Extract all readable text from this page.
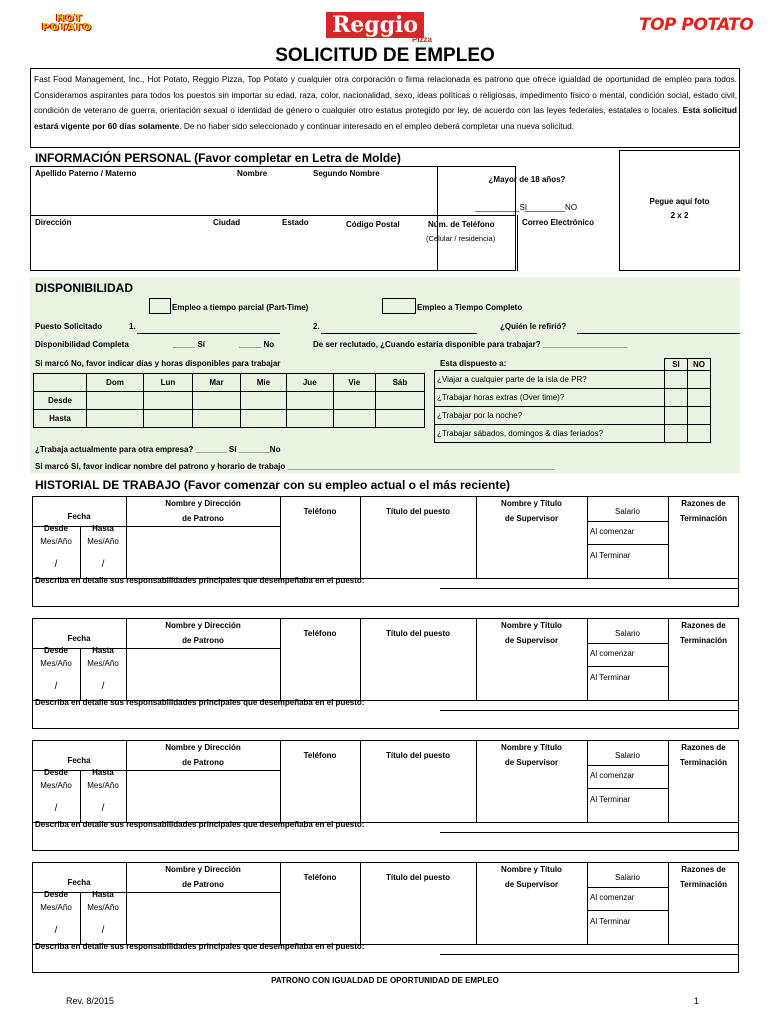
HOT
POTATO	Reggio
Pizza
TOP POTATO
SOLICITUD DE EMPLEO
Fast Food Management, Inc., Hot Potato, Reggio Pizza, Top Potato y cualquier otra corporación o firma relacionada es patrono que ofrece igualdad de oportunidad de empleo para todos. Consideramos aspirantes para todos los puestos sin importar su edad, raza, color, nacionalidad, sexo, ideas políticas o religiosas, impedimento físico o mental, condición social, estado civil, condición de veterano de guerra, orientación sexual o identidad de género o cualquier otro estatus protegido por ley, de acuerdo con las leyes federales, estatales o locales. Esta solicitud estará vigente por 60 días solamente. De no haber sido seleccionado y continuar interesado en el empleo deberá completar una nueva solicitud.
INFORMACIÓN PERSONAL (Favor completar en Letra de Molde)
Pegue aquí foto
2 x 2
Apellido Paterno / Materno	Nombre	Segundo Nombre
¿Mayor de 18 años?
__________SI
_________NO
Dirección	Ciudad	Estado	Código Postal	Núm. de Teléfono
(Celular / residencia)
Correo Electrónico
DISPONIBILIDAD
Empleo a tiempo parcial (Part-Time)	Empleo a Tiempo Completo
Puesto Solicitado	1.	2.	¿Quién le refirió?
Disponibilidad Completa	_____ Sí	_____ No	De ser reclutado, ¿Cuando estaría disponible para trabajar? ___________________
Si marcó No, favor indicar días y horas disponibles para trabajar
	Dom	Lun	Mar	Mie	Jue	Vie	Sáb
Desde							
Hasta							
Esta dispuesto a:
		SI	NO
¿Viajar a cualquier parte de la isla de PR?		
¿Trabajar horas extras (Over time)?		
¿Trabajar por la noche?		
¿Trabajar sábados, domingos & días feriados?		
¿Trabaja actualmente para otra empresa? _______ Sí _______No
Si marcó Sí, favor indicar nombre del patrono y horario de trabajo ____________________________________________________________
HISTORIAL DE TRABAJO (Favor comenzar con su empleo actual o el más reciente)
Fecha
Desde	Hasta
Mes/Año	Mes/Año
/	/
Nombre y Dirección
de Patrono
Teléfono	Título del puesto
Nombre y Título
de Supervisor
Salario
Al comenzar
Al Terminar
Razones de
Terminación
Describa en detalle sus responsabilidades principales que desempeñaba en el puesto:
Fecha
Desde	Hasta
Mes/Año	Mes/Año
/	/
Nombre y Dirección
de Patrono
Teléfono	Título del puesto
Nombre y Título
de Supervisor
Salario
Al comenzar
Al Terminar
Razones de
Terminación
Describa en detalle sus responsabilidades principales que desempeñaba en el puesto:
Fecha
Desde	Hasta
Mes/Año	Mes/Año
/	/
Nombre y Dirección
de Patrono
Teléfono	Título del puesto
Nombre y Título
de Supervisor
Salario
Al comenzar
Al Terminar
Razones de
Terminación
Describa en detalle sus responsabilidades principales que desempeñaba en el puesto:
Fecha
Desde	Hasta
Mes/Año	Mes/Año
/	/
Nombre y Dirección
de Patrono
Teléfono	Título del puesto
Nombre y Título
de Supervisor
Salario
Al comenzar
Al Terminar
Razones de
Terminación
Describa en detalle sus responsabilidades principales que desempeñaba en el puesto:
PATRONO CON IGUALDAD DE OPORTUNIDAD DE EMPLEO
Rev. 8/2015	1
